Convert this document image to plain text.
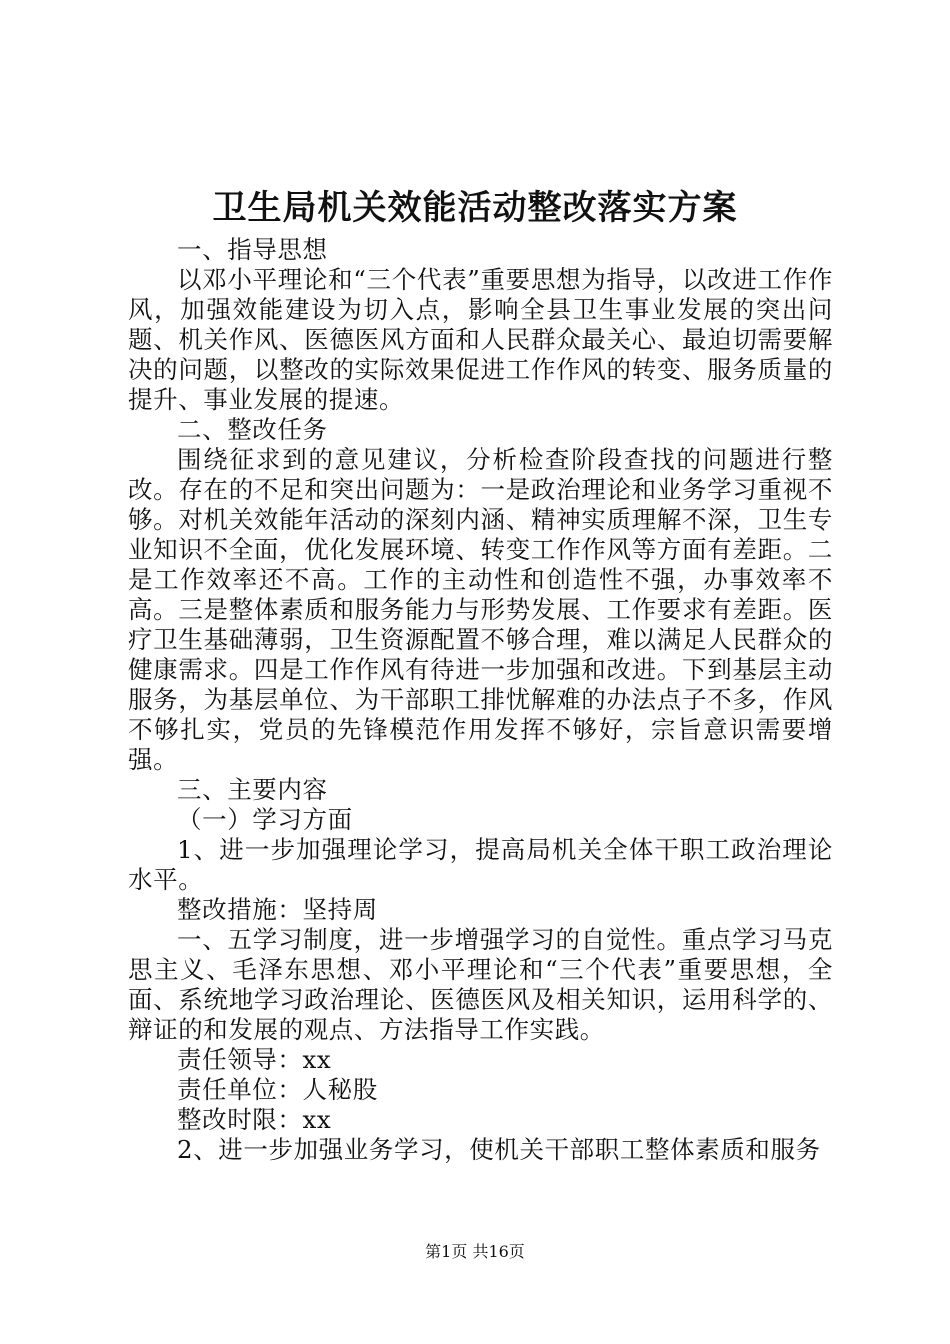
卫生局机关效能活动整改落实方案

一、指导思想

以邓小平理论和“三个代表”重要思想为指导，以改进工作作风，加强效能建设为切入点，影响全县卫生事业发展的突出问题、机关作风、医德医风方面和人民群众最关心、最迫切需要解决的问题，以整改的实际效果促进工作作风的转变、服务质量的提升、事业发展的提速。

二、整改任务

围绕征求到的意见建议，分析检查阶段查找的问题进行整改。存在的不足和突出问题为：一是政治理论和业务学习重视不够。对机关效能年活动的深刻内涵、精神实质理解不深，卫生专业知识不全面，优化发展环境、转变工作作风等方面有差距。二是工作效率还不高。工作的主动性和创造性不强，办事效率不高。三是整体素质和服务能力与形势发展、工作要求有差距。医疗卫生基础薄弱，卫生资源配置不够合理，难以满足人民群众的健康需求。四是工作作风有待进一步加强和改进。下到基层主动服务，为基层单位、为干部职工排忧解难的办法点子不多，作风不够扎实，党员的先锋模范作用发挥不够好，宗旨意识需要增强。

三、主要内容

（一）学习方面

1、进一步加强理论学习，提高局机关全体干职工政治理论水平。

整改措施：坚持周

一、五学习制度，进一步增强学习的自觉性。重点学习马克思主义、毛泽东思想、邓小平理论和“三个代表”重要思想，全面、系统地学习政治理论、医德医风及相关知识，运用科学的、辩证的和发展的观点、方法指导工作实践。

责任领导：xx

责任单位：人秘股

整改时限：xx

2、进一步加强业务学习，使机关干部职工整体素质和服务

第1页 共16页
